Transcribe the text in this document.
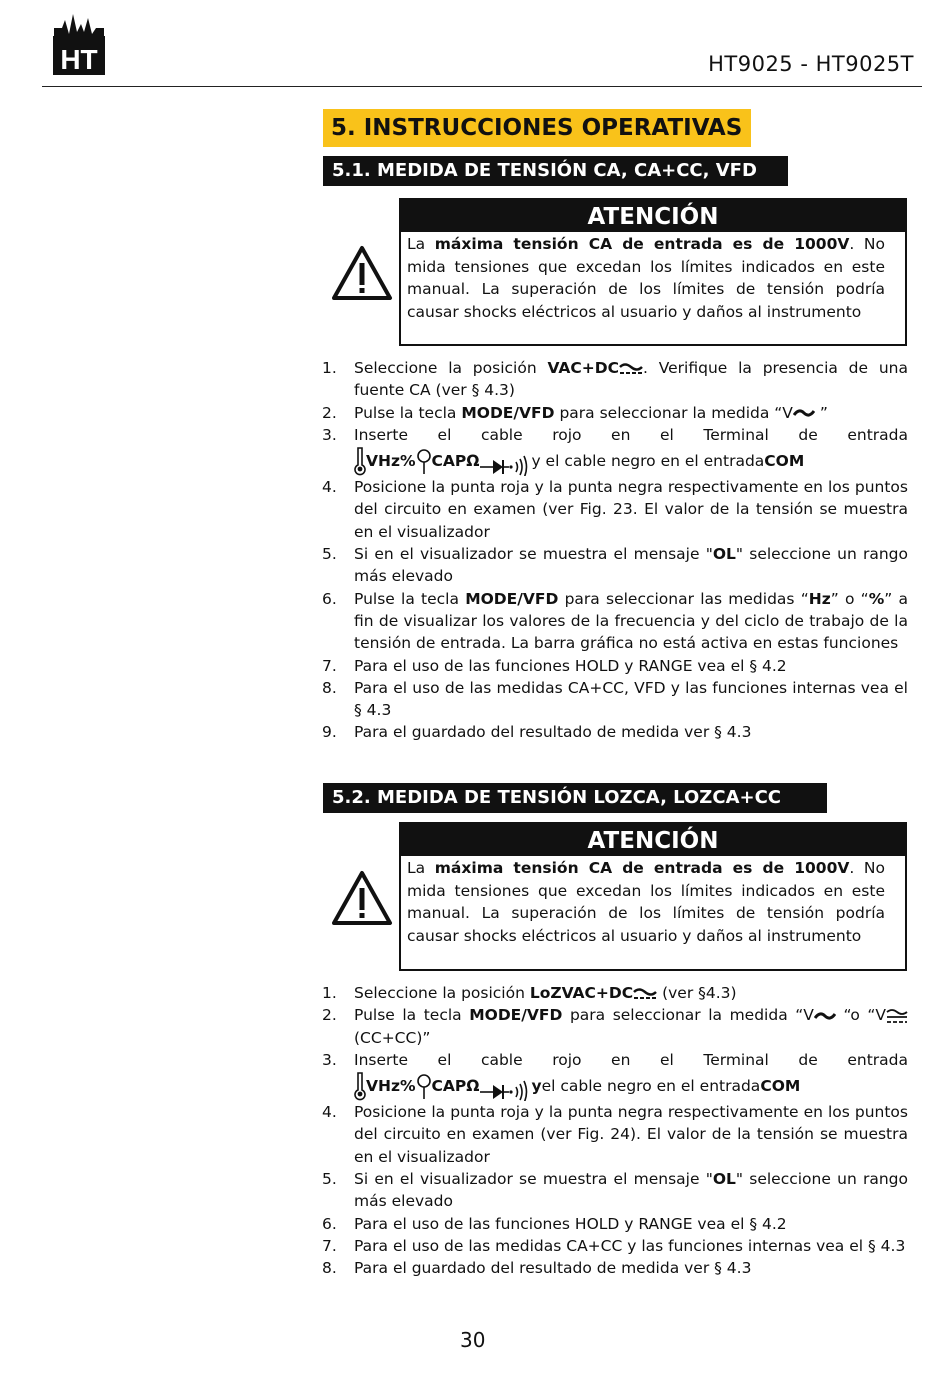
HT	HT9025 - HT9025T
5. INSTRUCCIONES OPERATIVAS
5.1. MEDIDA DE TENSIÓN CA, CA+CC, VFD
ATENCIÓN
La máxima tensión CA de entrada es de 1000V. No mida tensiones que excedan los límites indicados en este manual. La superación de los límites de tensión podría causar shocks eléctricos al usuario y daños al instrumento
1. Seleccione la posición VAC+DC . Verifique la presencia de una fuente CA (ver § 4.3)
2. Pulse la tecla MODE/VFD para seleccionar la medida “V ”
3. Inserte el cable rojo en el Terminal de entrada
VHz% CAPΩ	y el cable negro en el entrada COM
4. Posicione la punta roja y la punta negra respectivamente en los puntos del circuito en examen (ver Fig. 23. El valor de la tensión se muestra en el visualizador
5. Si en el visualizador se muestra el mensaje "OL" seleccione un rango más elevado
6. Pulse la tecla MODE/VFD para seleccionar las medidas “Hz” o “%” a fin de visualizar los valores de la frecuencia y del ciclo de trabajo de la tensión de entrada. La barra gráfica no está activa en estas funciones
7. Para el uso de las funciones HOLD y RANGE vea el § 4.2
8. Para el uso de las medidas CA+CC, VFD y las funciones internas vea el § 4.3
9. Para el guardado del resultado de medida ver § 4.3
5.2. MEDIDA DE TENSIÓN LOZCA, LOZCA+CC
ATENCIÓN
La máxima tensión CA de entrada es de 1000V. No mida tensiones que excedan los límites indicados en este manual. La superación de los límites de tensión podría causar shocks eléctricos al usuario y daños al instrumento
1. Seleccione la posición LoZVAC+DC (ver §4.3)
2. Pulse la tecla MODE/VFD para seleccionar la medida “V “o “V (CC+CC)”
3. Inserte el cable rojo en el Terminal de entrada
VHz% CAPΩ	y el cable negro en el entrada COM
4. Posicione la punta roja y la punta negra respectivamente en los puntos del circuito en examen (ver Fig. 24). El valor de la tensión se muestra en el visualizador
5. Si en el visualizador se muestra el mensaje "OL" seleccione un rango más elevado
6. Para el uso de las funciones HOLD y RANGE vea el § 4.2
7. Para el uso de las medidas CA+CC y las funciones internas vea el § 4.3
8. Para el guardado del resultado de medida ver § 4.3
30
